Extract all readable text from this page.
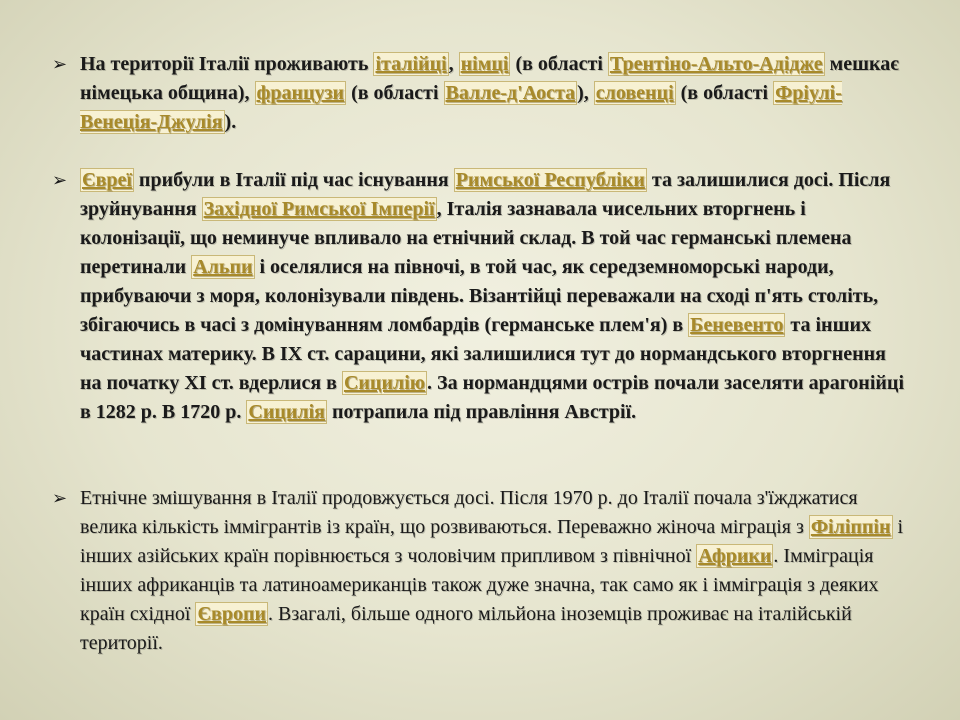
➢ На території Італії проживають італійці , німці (в області Трентіно-Альто-Адідже мешкає німецька община), французи (в області Валле-д'Аоста ), словенці (в області Фріулі-Венеція-Джулія ).
➢ Євреї прибули в Італії під час існування Римської Республіки та залишилися досі. Після зруйнування Західної Римської Імперії , Італія зазнавала чисельних вторгнень і колонізації, що неминуче впливало на етнічний склад. В той час германські племена перетинали Альпи і оселялися на півночі, в той час, як середземноморські народи, прибуваючи з моря, колонізували південь. Візантійці переважали на сході п'ять століть, збігаючись в часі з домінуванням ломбардів (германське плем'я) в Беневенто та інших частинах материку. В IX ст. сарацини, які залишилися тут до нормандського вторгнення на початку XI ст. вдерлися в Сицилію . За нормандцями острів почали заселяти арагонійці в 1282 р. В 1720 р. Сицилія потрапила під правління Австрії.
➢ Етнічне змішування в Італії продовжується досі. Після 1970 р. до Італії почала з'їжджатися велика кількість іммігрантів із країн, що розвиваються. Переважно жіноча міграція з Філіппін і інших азійських країн порівнюється з чоловічим припливом з північної Африки . Імміграція інших африканців та латиноамериканців також дуже значна, так само як і імміграція з деяких країн східної Європи . Взагалі, більше одного мільйона іноземців проживає на італійській території.
